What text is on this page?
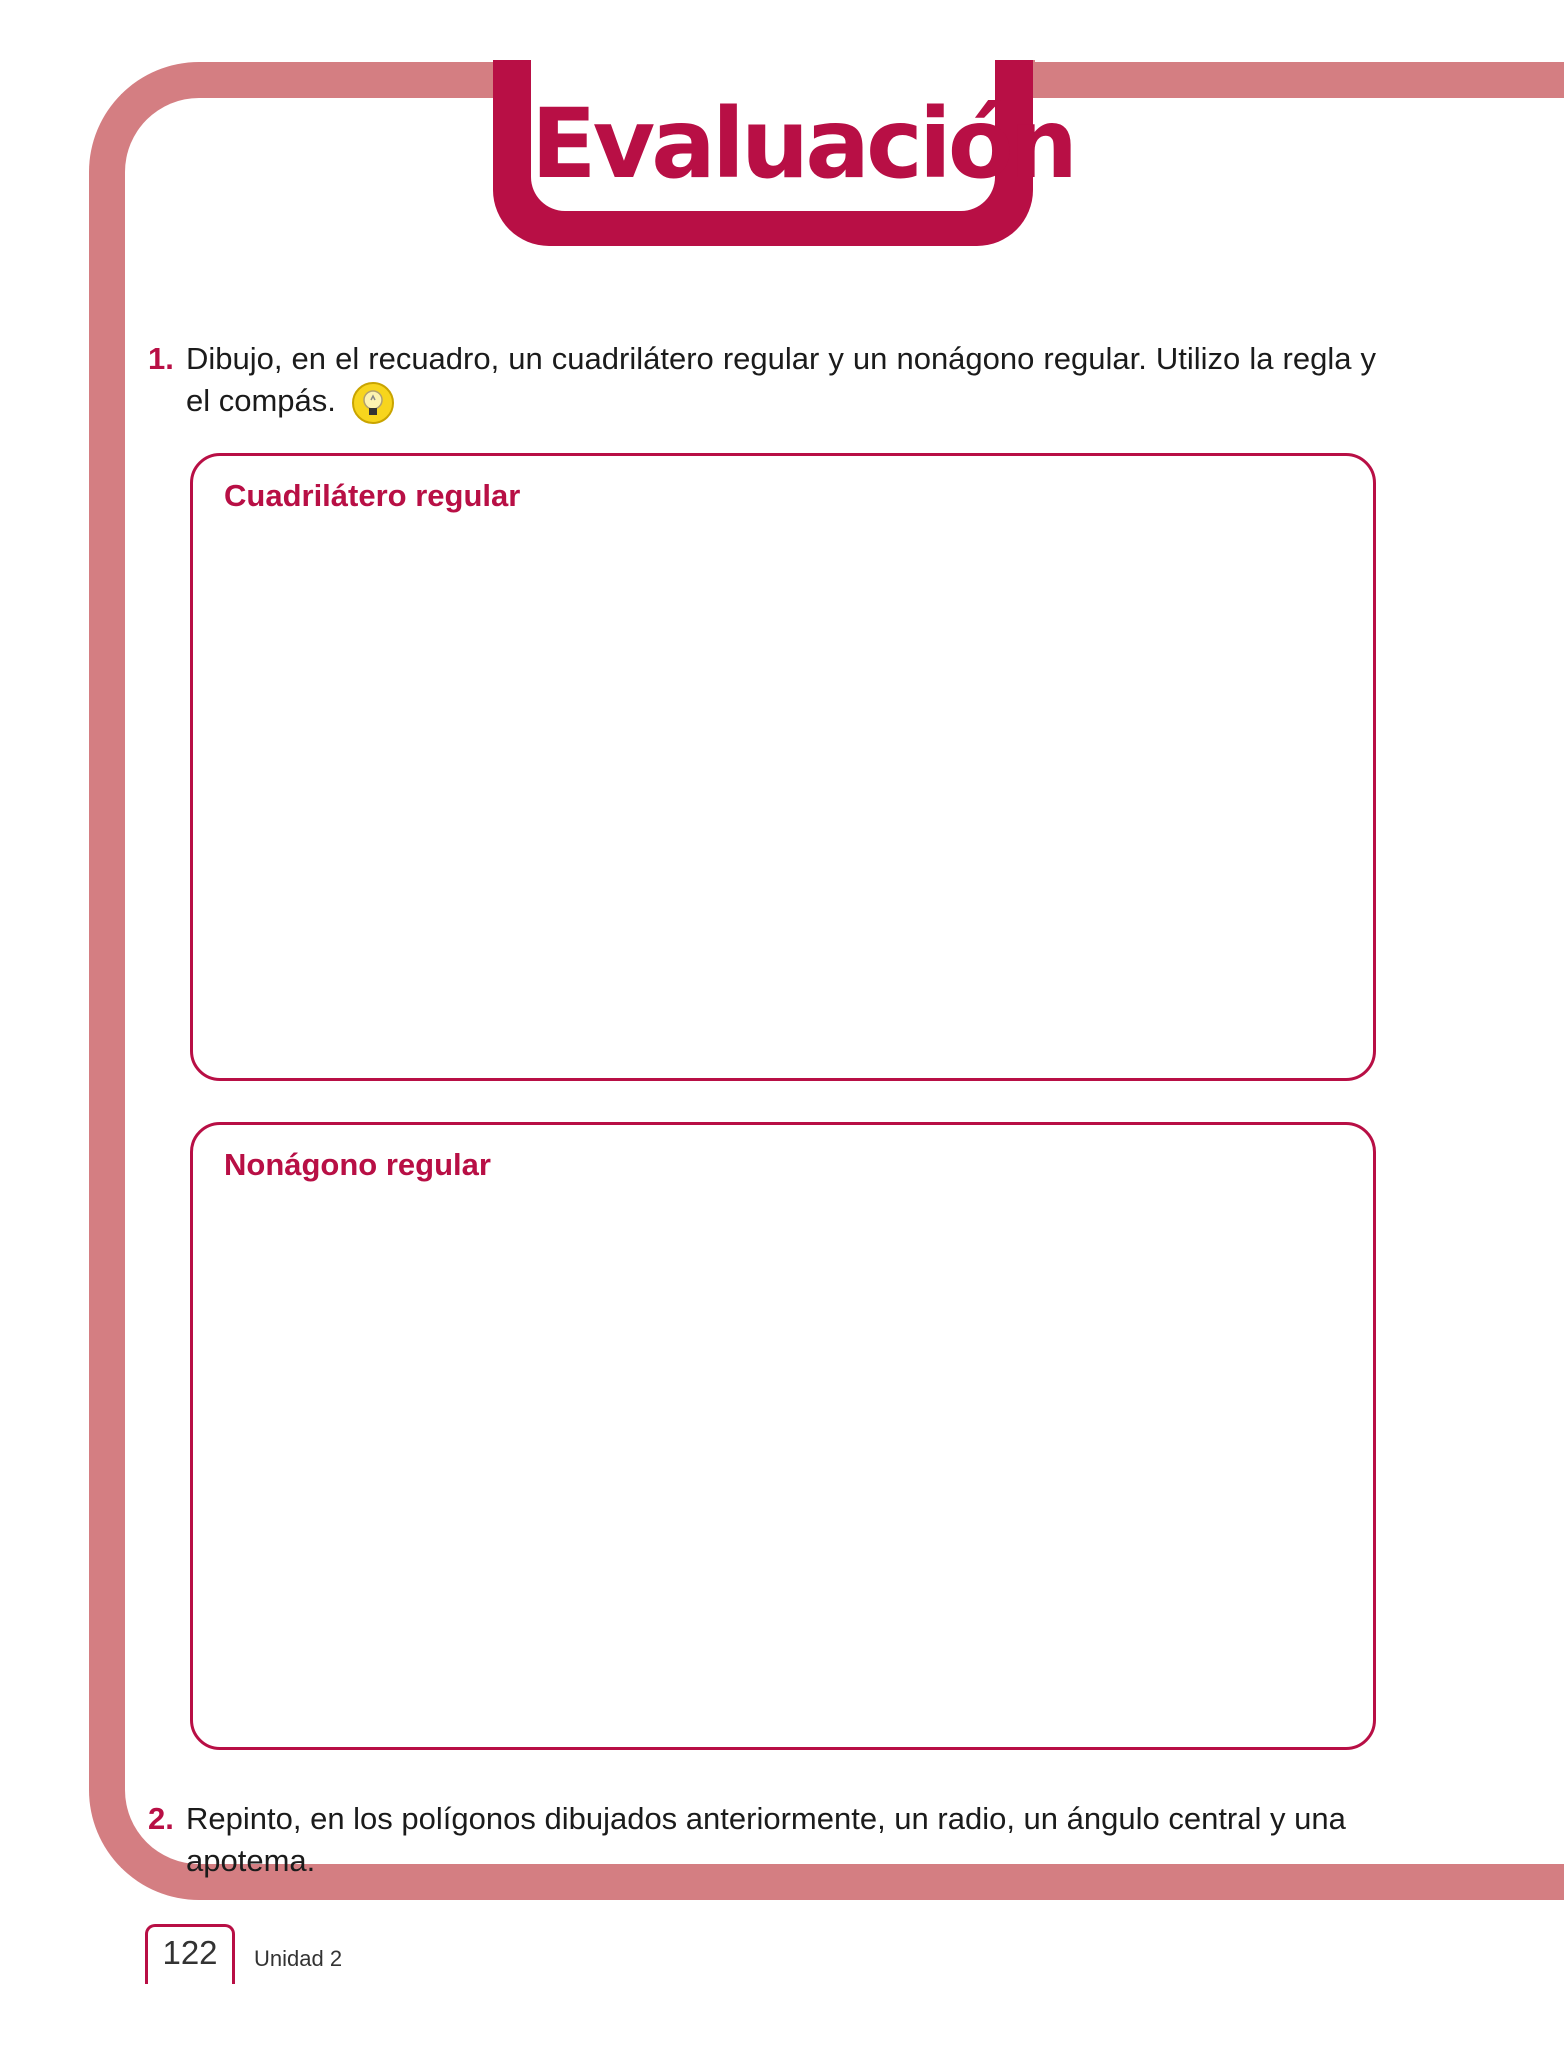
Evaluación
1. Dibujo, en el recuadro, un cuadrilátero regular y un nonágono regular. Utilizo la regla y el compás.
Cuadrilátero regular
Nonágono regular
2. Repinto, en los polígonos dibujados anteriormente, un radio, un ángulo central y una apotema.
122	Unidad 2
